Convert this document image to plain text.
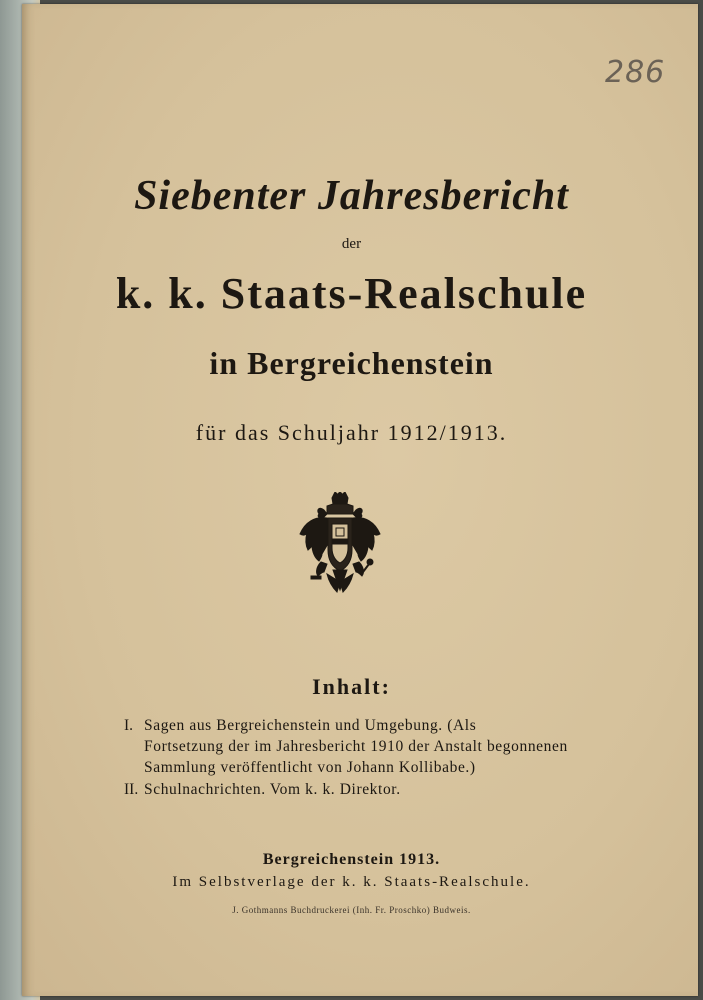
286
Siebenter Jahresbericht
der
k. k. Staats-Realschule
in Bergreichenstein
für das Schuljahr 1912/1913.
Inhalt:
I. Sagen aus Bergreichenstein und Umgebung. (Als
Fortsetzung der im Jahresbericht 1910 der Anstalt begonnenen
Sammlung veröffentlicht von Johann Kollibabe.)
II. Schulnachrichten. Vom k. k. Direktor.
Bergreichenstein 1913.
Im Selbstverlage der k. k. Staats-Realschule.
J. Gothmanns Buchdruckerei (Inh. Fr. Proschko) Budweis.
